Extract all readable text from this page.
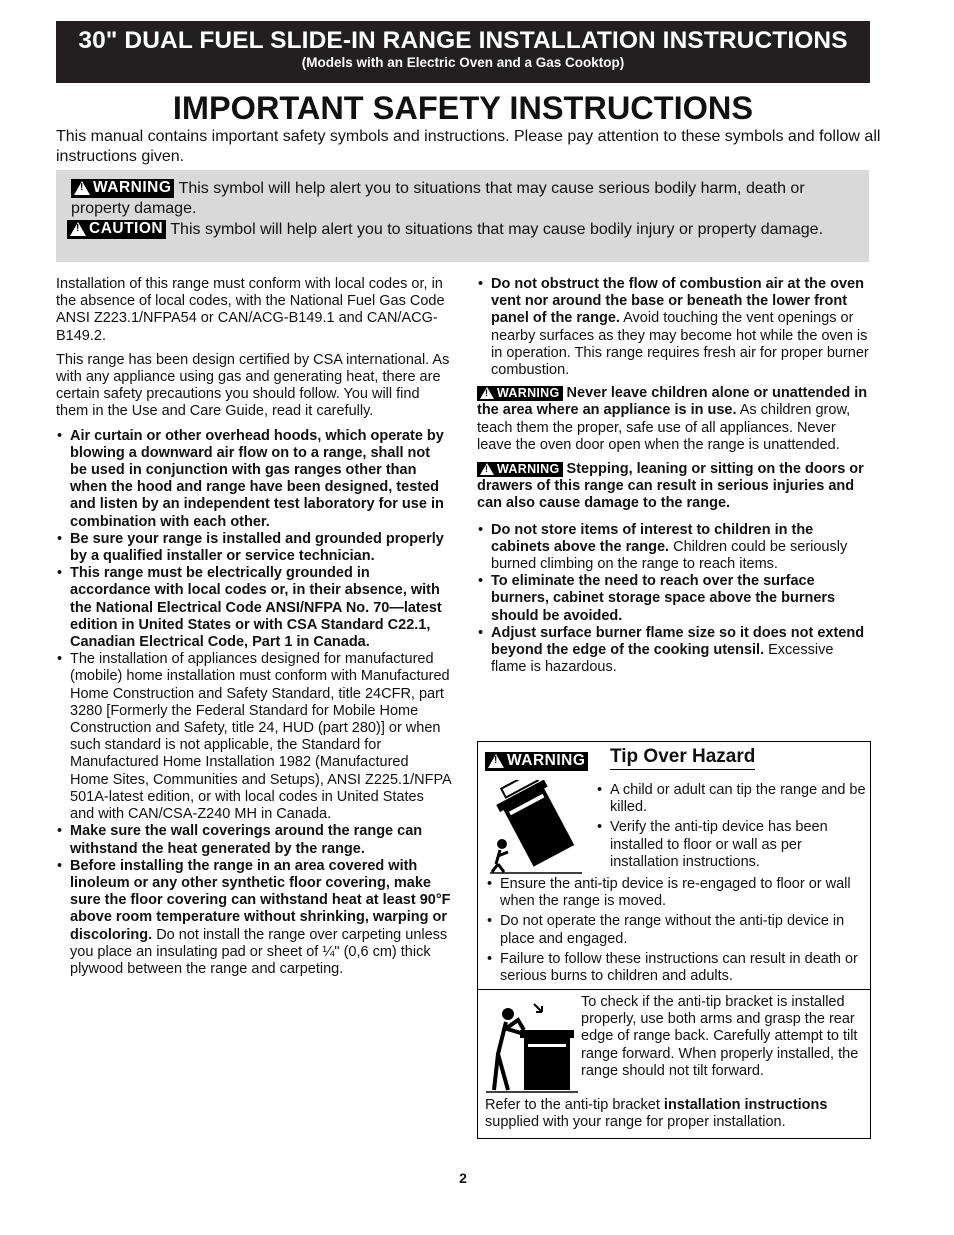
30" DUAL FUEL SLIDE-IN RANGE INSTALLATION INSTRUCTIONS
(Models with an Electric Oven and a Gas Cooktop)
IMPORTANT SAFETY INSTRUCTIONS
This manual contains important safety symbols and instructions. Please pay attention to these symbols and follow all instructions given.
!
WARNING This symbol will help alert you to situations that may cause serious bodily harm, death or property damage.
!
CAUTION This symbol will help alert you to situations that may cause bodily injury or property damage.

Installation of this range must conform with local codes or, in the absence of local codes, with the National Fuel Gas Code ANSI Z223.1/NFPA54 or CAN/ACG-B149.1 and CAN/ACG-B149.2.

This range has been design certified by CSA international. As with any appliance using gas and generating heat, there are certain safety precautions you should follow. You will find them in the Use and Care Guide, read it carefully.

• Air curtain or other overhead hoods, which operate by blowing a downward air flow on to a range, shall not be used in conjunction with gas ranges other than when the hood and range have been designed, tested and listen by an independent test laboratory for use in combination with each other.
• Be sure your range is installed and grounded properly by a qualified installer or service technician.
• This range must be electrically grounded in accordance with local codes or, in their absence, with the National Electrical Code ANSI/NFPA No. 70—latest edition in United States or with CSA Standard C22.1, Canadian Electrical Code, Part 1 in Canada.
• The installation of appliances designed for manufactured (mobile) home installation must conform with Manufactured Home Construction and Safety Standard, title 24CFR, part 3280 [Formerly the Federal Standard for Mobile Home Construction and Safety, title 24, HUD (part 280)] or when such standard is not applicable, the Standard for Manufactured Home Installation 1982 (Manufactured Home Sites, Communities and Setups), ANSI Z225.1/NFPA 501A-latest edition, or with local codes in United States and with CAN/CSA-Z240 MH in Canada.
• Make sure the wall coverings around the range can withstand the heat generated by the range.
• Before installing the range in an area covered with linoleum or any other synthetic floor covering, make sure the floor covering can withstand heat at least 90°F above room temperature without shrinking, warping or discoloring. Do not install the range over carpeting unless you place an insulating pad or sheet of ¼" (0,6 cm) thick plywood between the range and carpeting.
• Do not obstruct the flow of combustion air at the oven vent nor around the base or beneath the lower front panel of the range. Avoid touching the vent openings or nearby surfaces as they may become hot while the oven is in operation. This range requires fresh air for proper burner combustion.

!
WARNING Never leave children alone or unattended in the area where an appliance is in use. As children grow, teach them the proper, safe use of all appliances. Never leave the oven door open when the range is unattended.

!
WARNING Stepping, leaning or sitting on the doors or drawers of this range can result in serious injuries and can also cause damage to the range.

• Do not store items of interest to children in the cabinets above the range. Children could be seriously burned climbing on the range to reach items.
• To eliminate the need to reach over the surface burners, cabinet storage space above the burners should be avoided.
• Adjust surface burner flame size so it does not extend beyond the edge of the cooking utensil. Excessive flame is hazardous.
!
WARNING Tip Over Hazard
• A child or adult can tip the range and be killed.
• Verify the anti-tip device has been installed to floor or wall as per installation instructions.
• Ensure the anti-tip device is re-engaged to floor or wall when the range is moved.
• Do not operate the range without the anti-tip device in place and engaged.
• Failure to follow these instructions can result in death or serious burns to children and adults.
To check if the anti-tip bracket is installed properly, use both arms and grasp the rear edge of range back. Carefully attempt to tilt range forward. When properly installed, the range should not tilt forward.
Refer to the anti-tip bracket installation instructions supplied with your range for proper installation.
2
